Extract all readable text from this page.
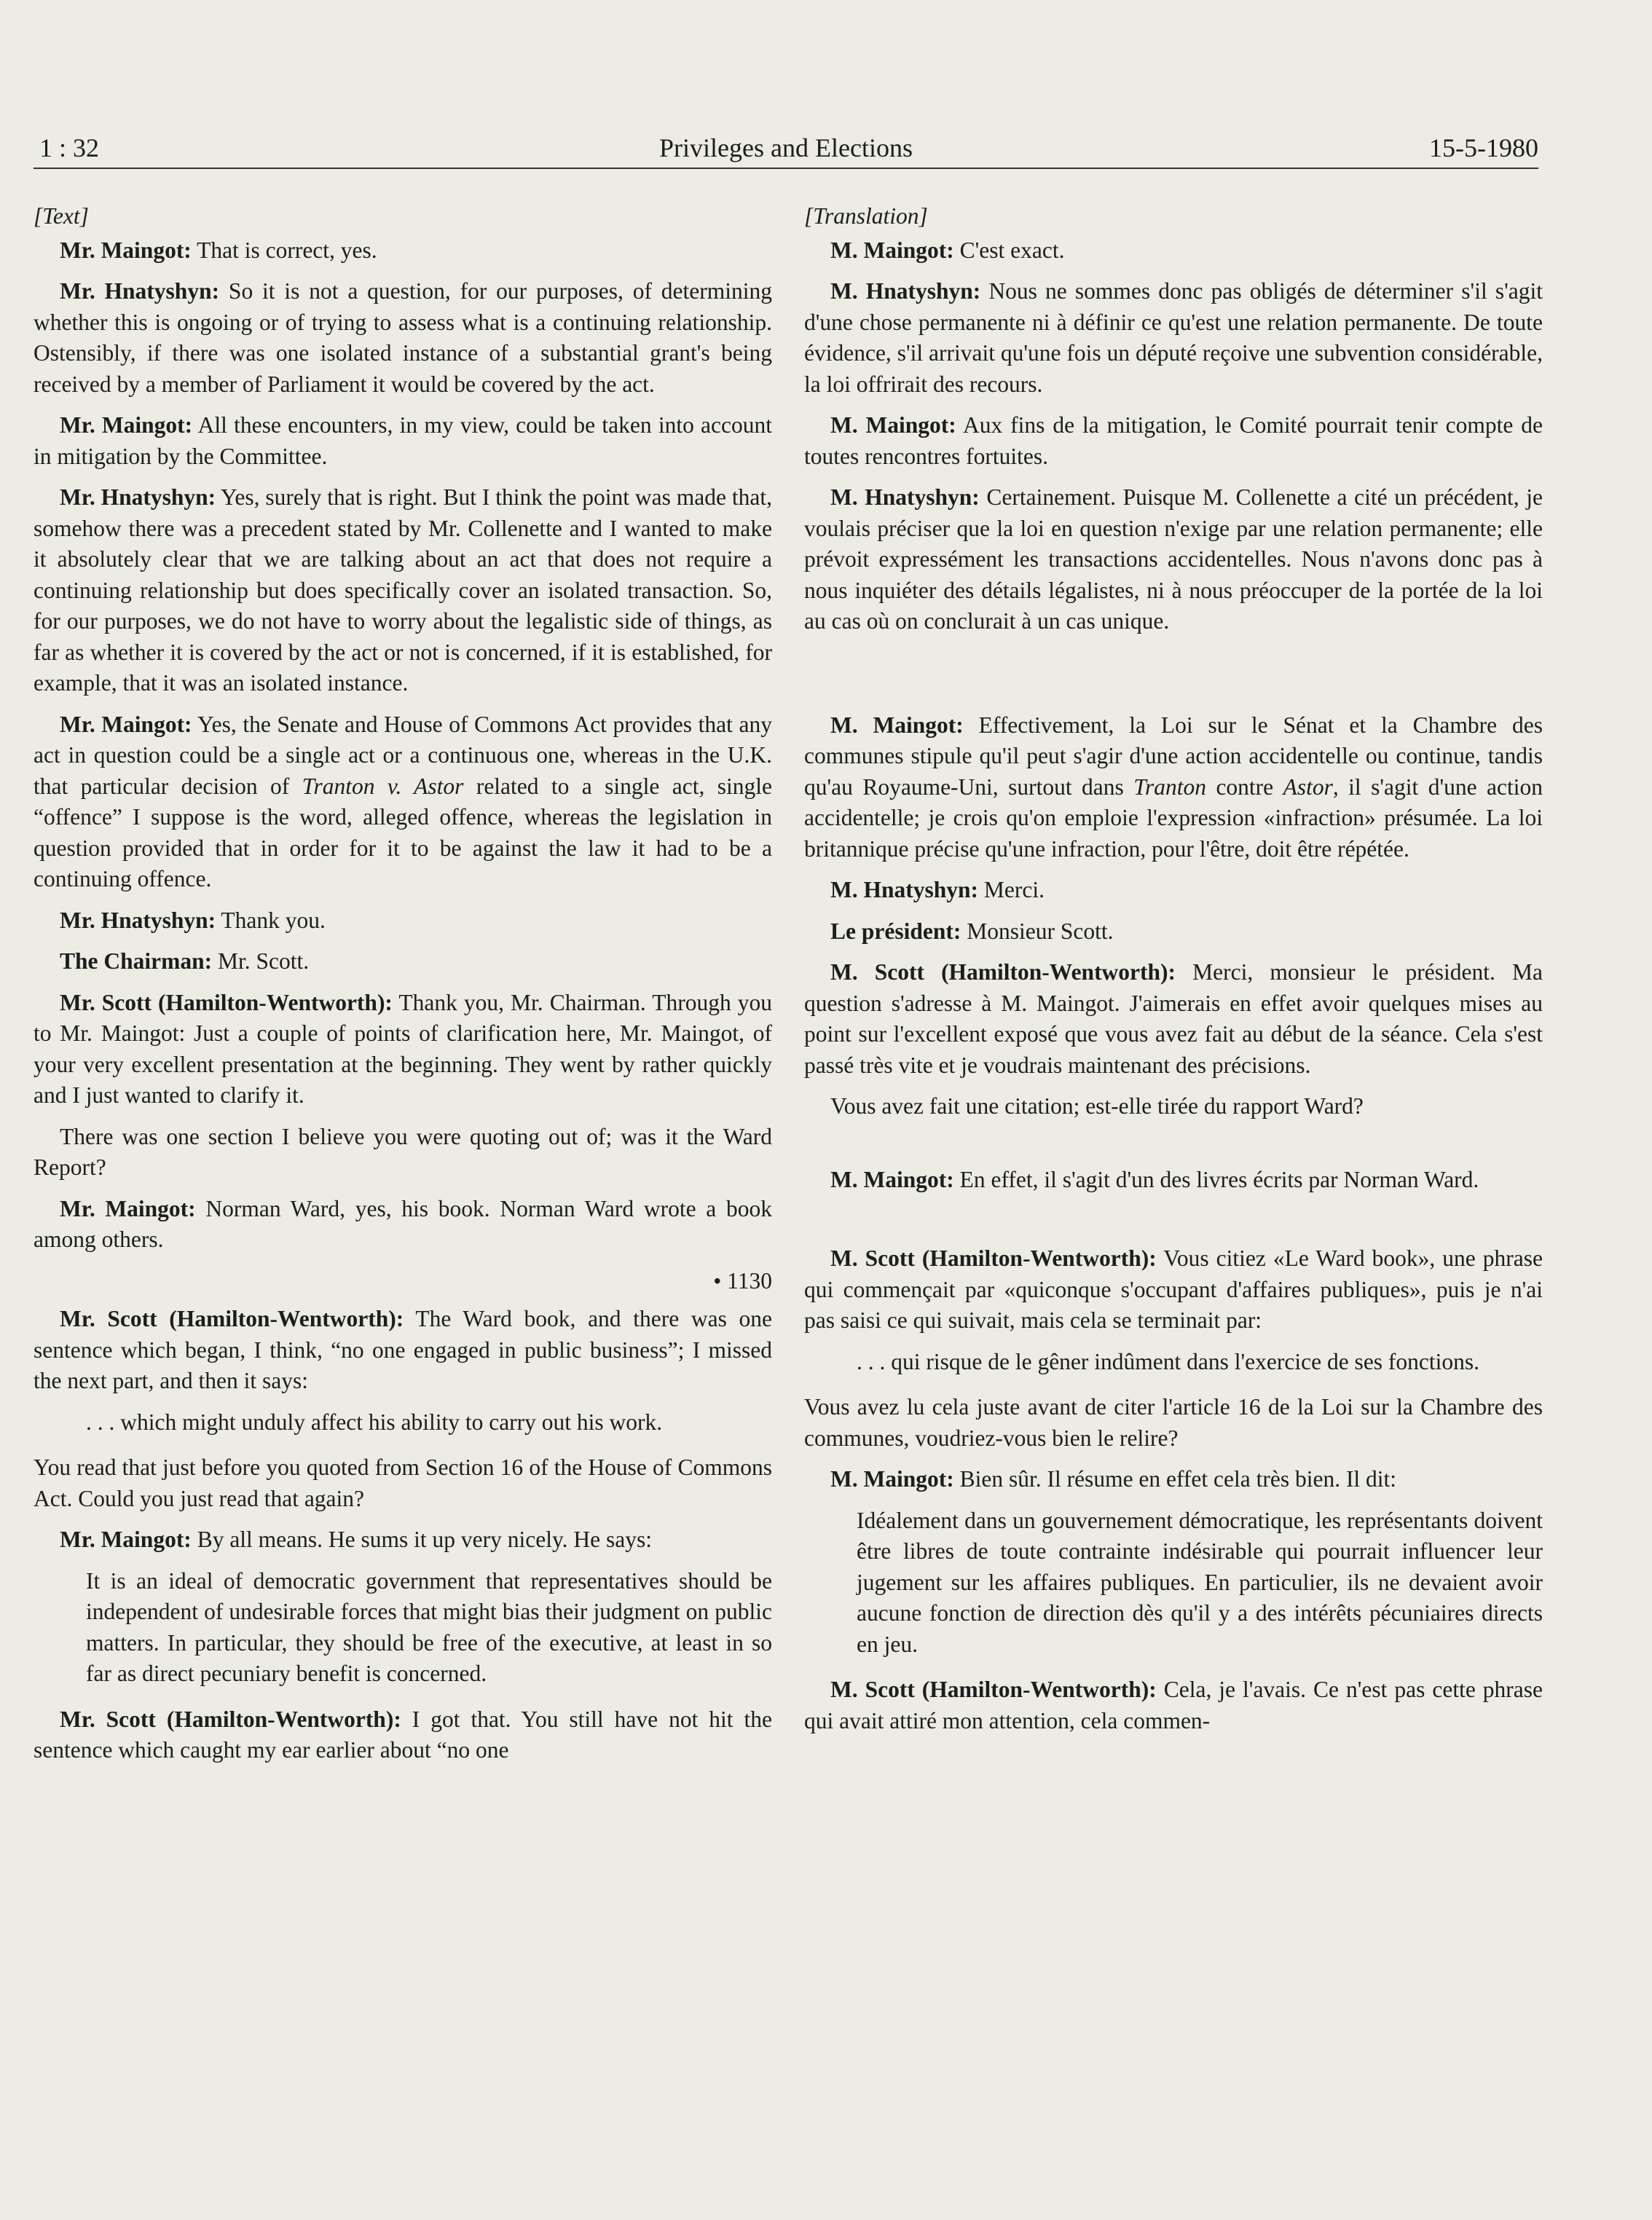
1 : 32	Privileges and Elections	15-5-1980

[Text]

Mr. Maingot: That is correct, yes.

Mr. Hnatyshyn: So it is not a question, for our purposes, of determining whether this is ongoing or of trying to assess what is a continuing relationship. Ostensibly, if there was one isolated instance of a substantial grant's being received by a member of Parliament it would be covered by the act.

Mr. Maingot: All these encounters, in my view, could be taken into account in mitigation by the Committee.

Mr. Hnatyshyn: Yes, surely that is right. But I think the point was made that, somehow there was a precedent stated by Mr. Collenette and I wanted to make it absolutely clear that we are talking about an act that does not require a continuing relationship but does specifically cover an isolated transaction. So, for our purposes, we do not have to worry about the legalistic side of things, as far as whether it is covered by the act or not is concerned, if it is established, for example, that it was an isolated instance.

Mr. Maingot: Yes, the Senate and House of Commons Act provides that any act in question could be a single act or a continuous one, whereas in the U.K. that particular decision of Tranton v. Astor related to a single act, single “offence” I suppose is the word, alleged offence, whereas the legislation in question provided that in order for it to be against the law it had to be a continuing offence.

Mr. Hnatyshyn: Thank you.

The Chairman: Mr. Scott.

Mr. Scott (Hamilton-Wentworth): Thank you, Mr. Chairman. Through you to Mr. Maingot: Just a couple of points of clarification here, Mr. Maingot, of your very excellent presentation at the beginning. They went by rather quickly and I just wanted to clarify it.

There was one section I believe you were quoting out of; was it the Ward Report?

Mr. Maingot: Norman Ward, yes, his book. Norman Ward wrote a book among others.

• 1130

Mr. Scott (Hamilton-Wentworth): The Ward book, and there was one sentence which began, I think, “no one engaged in public business”; I missed the next part, and then it says:

. . . which might unduly affect his ability to carry out his work.

You read that just before you quoted from Section 16 of the House of Commons Act. Could you just read that again?

Mr. Maingot: By all means. He sums it up very nicely. He says:

It is an ideal of democratic government that representatives should be independent of undesirable forces that might bias their judgment on public matters. In particular, they should be free of the executive, at least in so far as direct pecuniary benefit is concerned.

Mr. Scott (Hamilton-Wentworth): I got that. You still have not hit the sentence which caught my ear earlier about “no one

[Translation]

M. Maingot: C'est exact.

M. Hnatyshyn: Nous ne sommes donc pas obligés de déterminer s'il s'agit d'une chose permanente ni à définir ce qu'est une relation permanente. De toute évidence, s'il arrivait qu'une fois un député reçoive une subvention considérable, la loi offrirait des recours.

M. Maingot: Aux fins de la mitigation, le Comité pourrait tenir compte de toutes rencontres fortuites.

M. Hnatyshyn: Certainement. Puisque M. Collenette a cité un précédent, je voulais préciser que la loi en question n'exige par une relation permanente; elle prévoit expressément les transactions accidentelles. Nous n'avons donc pas à nous inquiéter des détails légalistes, ni à nous préoccuper de la portée de la loi au cas où on conclurait à un cas unique.

M. Maingot: Effectivement, la Loi sur le Sénat et la Chambre des communes stipule qu'il peut s'agir d'une action accidentelle ou continue, tandis qu'au Royaume-Uni, surtout dans Tranton contre Astor, il s'agit d'une action accidentelle; je crois qu'on emploie l'expression «infraction» présumée. La loi britannique précise qu'une infraction, pour l'être, doit être répétée.

M. Hnatyshyn: Merci.

Le président: Monsieur Scott.

M. Scott (Hamilton-Wentworth): Merci, monsieur le président. Ma question s'adresse à M. Maingot. J'aimerais en effet avoir quelques mises au point sur l'excellent exposé que vous avez fait au début de la séance. Cela s'est passé très vite et je voudrais maintenant des précisions.

Vous avez fait une citation; est-elle tirée du rapport Ward?

M. Maingot: En effet, il s'agit d'un des livres écrits par Norman Ward.

M. Scott (Hamilton-Wentworth): Vous citiez «Le Ward book», une phrase qui commençait par «quiconque s'occupant d'affaires publiques», puis je n'ai pas saisi ce qui suivait, mais cela se terminait par:

. . . qui risque de le gêner indûment dans l'exercice de ses fonctions.

Vous avez lu cela juste avant de citer l'article 16 de la Loi sur la Chambre des communes, voudriez-vous bien le relire?

M. Maingot: Bien sûr. Il résume en effet cela très bien. Il dit:

Idéalement dans un gouvernement démocratique, les représentants doivent être libres de toute contrainte indésirable qui pourrait influencer leur jugement sur les affaires publiques. En particulier, ils ne devaient avoir aucune fonction de direction dès qu'il y a des intérêts pécuniaires directs en jeu.

M. Scott (Hamilton-Wentworth): Cela, je l'avais. Ce n'est pas cette phrase qui avait attiré mon attention, cela commen-
